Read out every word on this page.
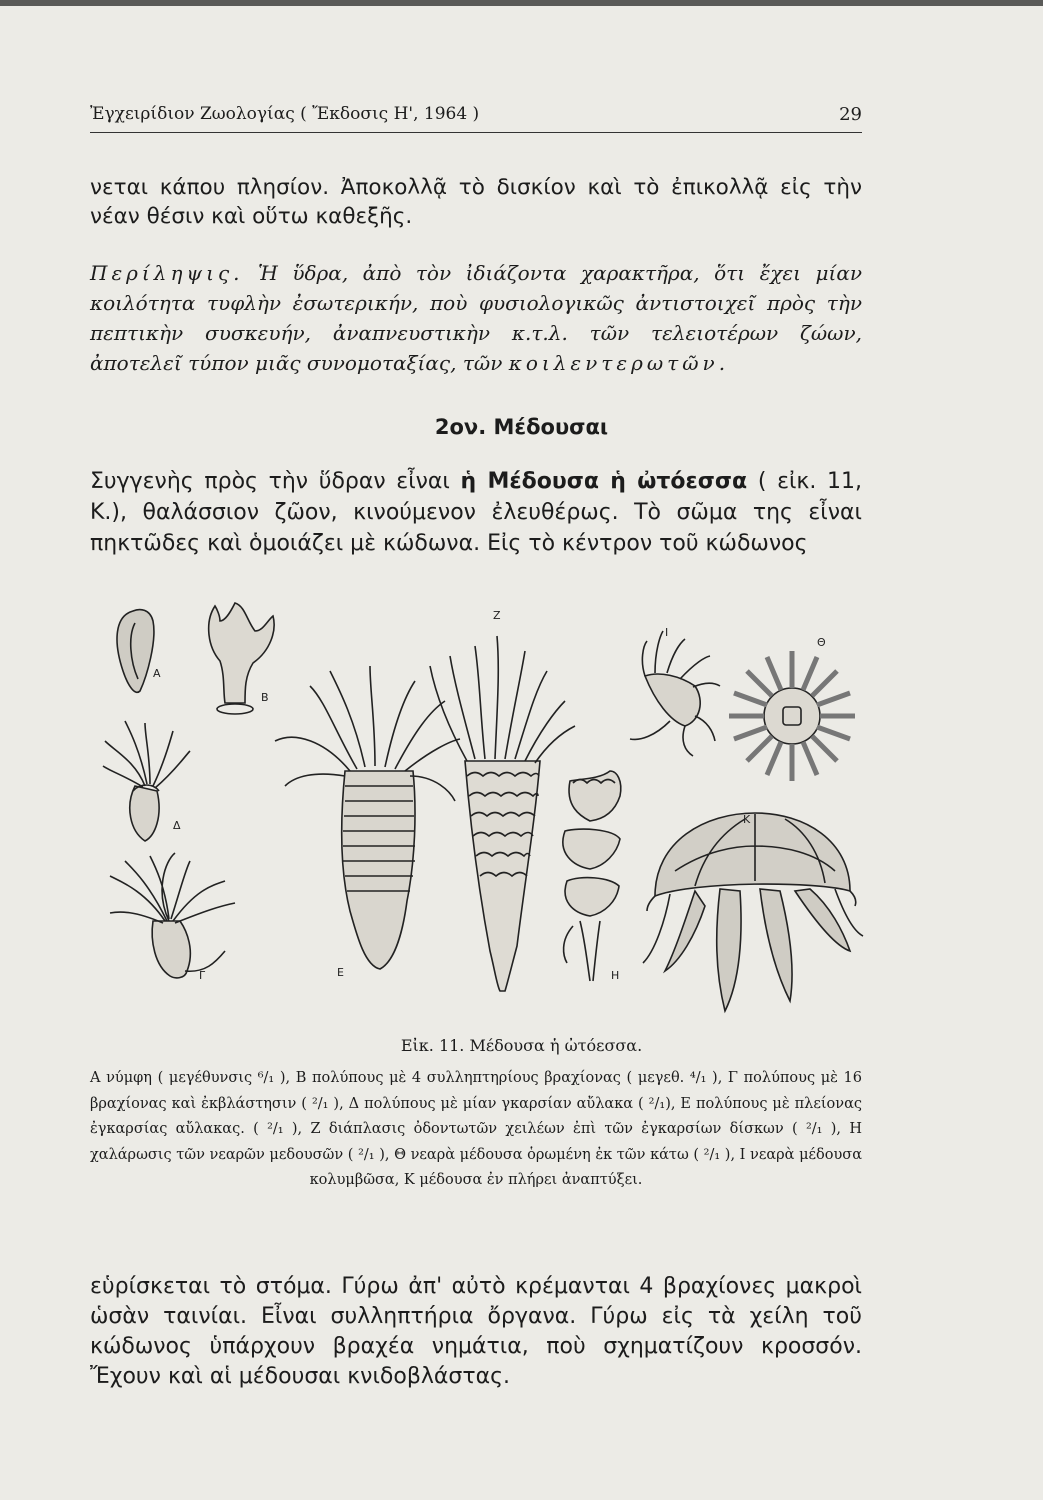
Ἐγχειρίδιον Ζωολογίας ( Ἔκδοσις Η', 1964 )	29
νεται κάπου πλησίον. Ἀποκολλᾷ τὸ δισκίον καὶ τὸ ἐπικολλᾷ εἰς τὴν νέαν θέσιν καὶ οὕτω καθεξῆς.
Περίληψις. Ἡ ὕδρα, ἀπὸ τὸν ἰδιάζοντα χαρακτῆρα, ὅτι ἔχει μίαν κοιλότητα τυφλὴν ἐσωτερικήν, ποὺ φυσιολογικῶς ἀντιστοιχεῖ πρὸς τὴν πεπτικὴν συσκευήν, ἀναπνευστικὴν κ.τ.λ. τῶν τελειοτέρων ζώων, ἀποτελεῖ τύπον μιᾶς συνομοταξίας, τῶν κοιλεντερωτῶν.
2ον. Μέδουσαι
Συγγενὴς πρὸς τὴν ὕδραν εἶναι ἡ Μέδουσα ἡ ὠτόεσσα ( εἰκ. 11, Κ.), θαλάσσιον ζῶον, κινούμενον ἐλευθέρως. Τὸ σῶμα της εἶναι πηκτῶδες καὶ ὁμοιάζει μὲ κώδωνα. Εἰς τὸ κέντρον τοῦ κώδωνος
Α
Β
Γ
Δ
Ε
Ζ
Η
Θ
Ι
Κ
Εἰκ. 11. Μέδουσα ἡ ὠτόεσσα.
Α νύμφη ( μεγέθυνσις ⁶/₁ ), Β πολύπους μὲ 4 συλληπτηρίους βραχίονας ( μεγεθ. ⁴/₁ ), Γ πολύπους μὲ 16 βραχίονας καὶ ἐκβλάστησιν ( ²/₁ ), Δ πολύπους μὲ μίαν γκαρσίαν αὔλακα ( ²/₁), Ε πολύπους μὲ πλείονας ἐγκαρσίας αὔλακας. ( ²/₁ ), Ζ διάπλασις ὀδοντωτῶν χειλέων ἐπὶ τῶν ἐγκαρσίων δίσκων ( ²/₁ ), Η χαλάρωσις τῶν νεαρῶν μεδουσῶν ( ²/₁ ), Θ νεαρὰ μέδουσα ὁρωμένη ἐκ τῶν κάτω ( ²/₁ ), Ι νεαρὰ μέδουσα κολυμβῶσα, Κ μέδουσα ἐν πλήρει ἀναπτύξει.
εὑρίσκεται τὸ στόμα. Γύρω ἀπ' αὐτὸ κρέμανται 4 βραχίονες μακροὶ ὡσὰν ταινίαι. Εἶναι συλληπτήρια ὄργανα. Γύρω εἰς τὰ χείλη τοῦ κώδωνος ὑπάρχουν βραχέα νημάτια, ποὺ σχηματίζουν κροσσόν. Ἔχουν καὶ αἱ μέδουσαι κνιδοβλάστας.
